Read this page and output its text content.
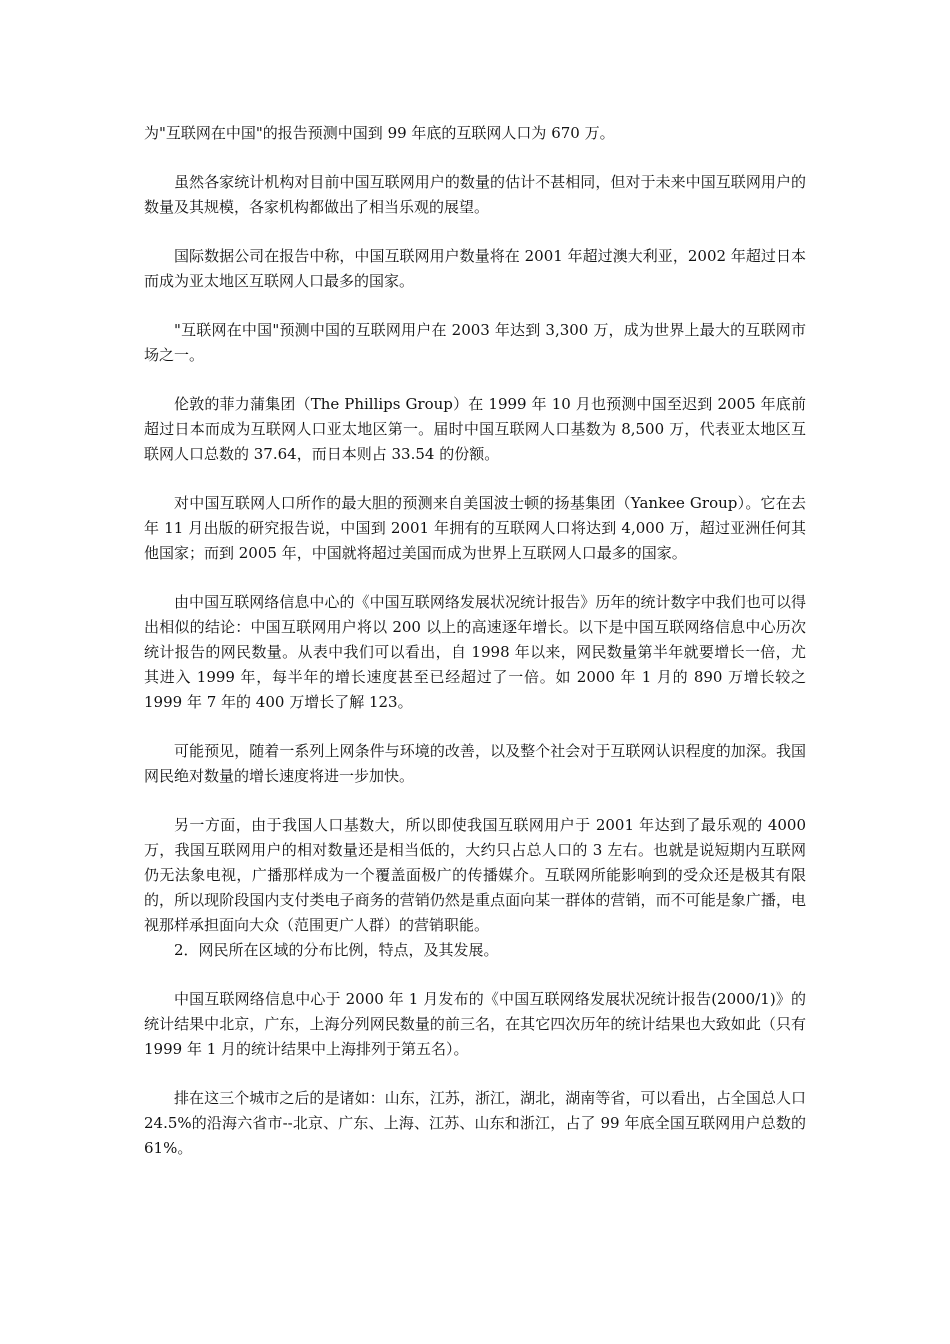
为"互联网在中国"的报告预测中国到 99 年底的互联网人口为 670 万。

虽然各家统计机构对目前中国互联网用户的数量的估计不甚相同，但对于未来中国互联网用户的数量及其规模，各家机构都做出了相当乐观的展望。

国际数据公司在报告中称，中国互联网用户数量将在 2001 年超过澳大利亚，2002 年超过日本而成为亚太地区互联网人口最多的国家。

"互联网在中国"预测中国的互联网用户在 2003 年达到 3,300 万，成为世界上最大的互联网市场之一。

伦敦的菲力蒲集团（The Phillips Group）在 1999 年 10 月也预测中国至迟到 2005 年底前超过日本而成为互联网人口亚太地区第一。届时中国互联网人口基数为 8,500 万，代表亚太地区互联网人口总数的 37.64，而日本则占 33.54 的份额。

对中国互联网人口所作的最大胆的预测来自美国波士顿的扬基集团（Yankee Group）。它在去年 11 月出版的研究报告说，中国到 2001 年拥有的互联网人口将达到 4,000 万，超过亚洲任何其他国家；而到 2005 年，中国就将超过美国而成为世界上互联网人口最多的国家。

由中国互联网络信息中心的《中国互联网络发展状况统计报告》历年的统计数字中我们也可以得出相似的结论：中国互联网用户将以 200 以上的高速逐年增长。以下是中国互联网络信息中心历次统计报告的网民数量。从表中我们可以看出，自 1998 年以来，网民数量第半年就要增长一倍，尤其进入 1999 年，每半年的增长速度甚至已经超过了一倍。如 2000 年 1 月的 890 万增长较之 1999 年 7 年的 400 万增长了解 123。

可能预见，随着一系列上网条件与环境的改善，以及整个社会对于互联网认识程度的加深。我国网民绝对数量的增长速度将进一步加快。

另一方面，由于我国人口基数大，所以即使我国互联网用户于 2001 年达到了最乐观的 4000 万，我国互联网用户的相对数量还是相当低的，大约只占总人口的 3 左右。也就是说短期内互联网仍无法象电视，广播那样成为一个覆盖面极广的传播媒介。互联网所能影响到的受众还是极其有限的，所以现阶段国内支付类电子商务的营销仍然是重点面向某一群体的营销，而不可能是象广播，电视那样承担面向大众（范围更广人群）的营销职能。

2．网民所在区域的分布比例，特点，及其发展。

中国互联网络信息中心于 2000 年 1 月发布的《中国互联网络发展状况统计报告(2000/1)》的统计结果中北京，广东，上海分列网民数量的前三名，在其它四次历年的统计结果也大致如此（只有 1999 年 1 月的统计结果中上海排列于第五名）。

排在这三个城市之后的是诸如：山东，江苏，浙江，湖北，湖南等省，可以看出，占全国总人口 24.5%的沿海六省市--北京、广东、上海、江苏、山东和浙江，占了 99 年底全国互联网用户总数的 61%。
